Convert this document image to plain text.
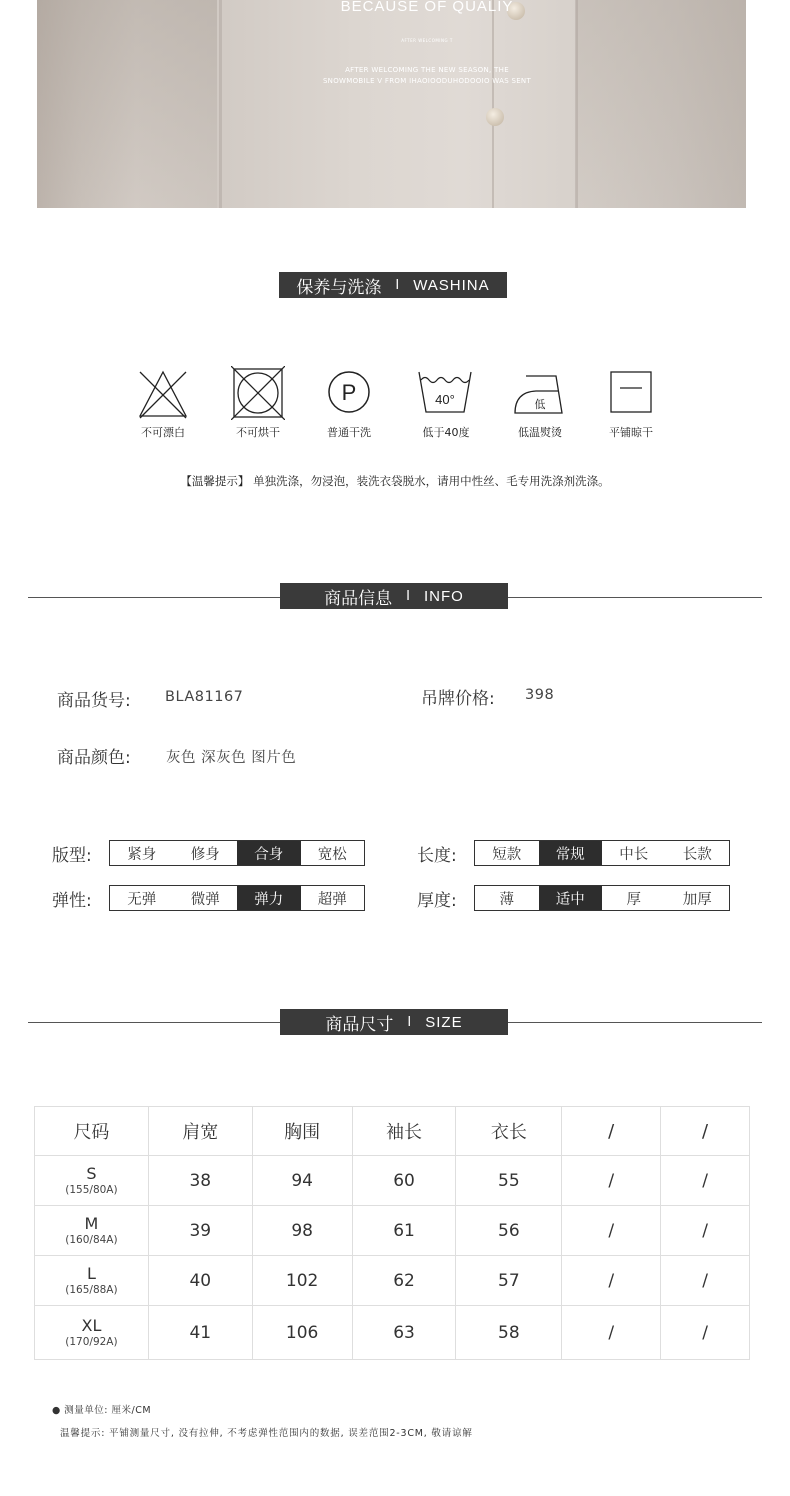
BECAUSE OF QUALIY
AFTER WELCOMING T
AFTER WELCOMING THE NEW SEASON, THE
SNOWMOBILE V FROM IHAOIOODUHODOOIO WAS SENT
保养与洗涤 I WASHINA
不可漂白	不可烘干
P
普通干洗
40°
低于40度
低
低温熨烫	平铺晾干
【温馨提示】 单独洗涤，勿浸泡，装洗衣袋脱水，请用中性丝、毛专用洗涤剂洗涤。
商品信息 I INFO
商品货号: BLA81167	吊牌价格: 398
商品颜色: 灰色 深灰色 图片色
版型:	紧身	修身	合身	宽松	长度:	短款	常规	中长	长款
弹性:	无弹	微弹	弹力	超弹	厚度:	薄	适中	厚	加厚
商品尺寸 I SIZE
尺码	肩宽	胸围	袖长	衣长	/	/

S
(155/80A)	38	94	60	55	/	/

M
(160/84A)	39	98	61	56	/	/

L
(165/88A)	40	102	62	57	/	/

XL
(170/92A)	41	106	63	58	/	/
● 测量单位: 厘米/CM
温馨提示: 平铺测量尺寸, 没有拉伸, 不考虑弹性范围内的数据, 误差范围2-3CM, 敬请谅解
